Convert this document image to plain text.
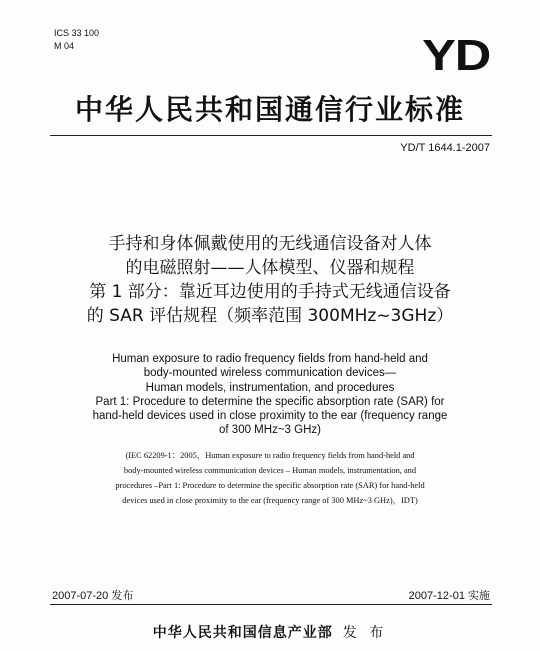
ICS 33 100
M 04	YD
中华人民共和国通信行业标准
YD/T 1644.1-2007
手持和身体佩戴使用的无线通信设备对人体
的电磁照射——人体模型、仪器和规程
第 1 部分：靠近耳边使用的手持式无线通信设备
的 SAR 评估规程（频率范围 300MHz~3GHz）
Human exposure to radio frequency fields from hand-held and
body-mounted wireless communication devices—
Human models, instrumentation, and procedures
Part 1: Procedure to determine the specific absorption rate (SAR) for
hand-held devices used in close proximity to the ear (frequency range
of 300 MHz~3 GHz)
(IEC 62209-1：2005，Human exposure to radio frequency fields from hand-held and
body-mounted wireless communication devices – Human models, instrumentation, and
procedures –Part 1: Procedure to determine the specific absorption rate (SAR) for hand-held
devices used in close proximity to the ear (frequency range of 300 MHz~3 GHz)，IDT)
2007-07-20 发布	2007-12-01 实施
中华人民共和国信息产业部 发 布
